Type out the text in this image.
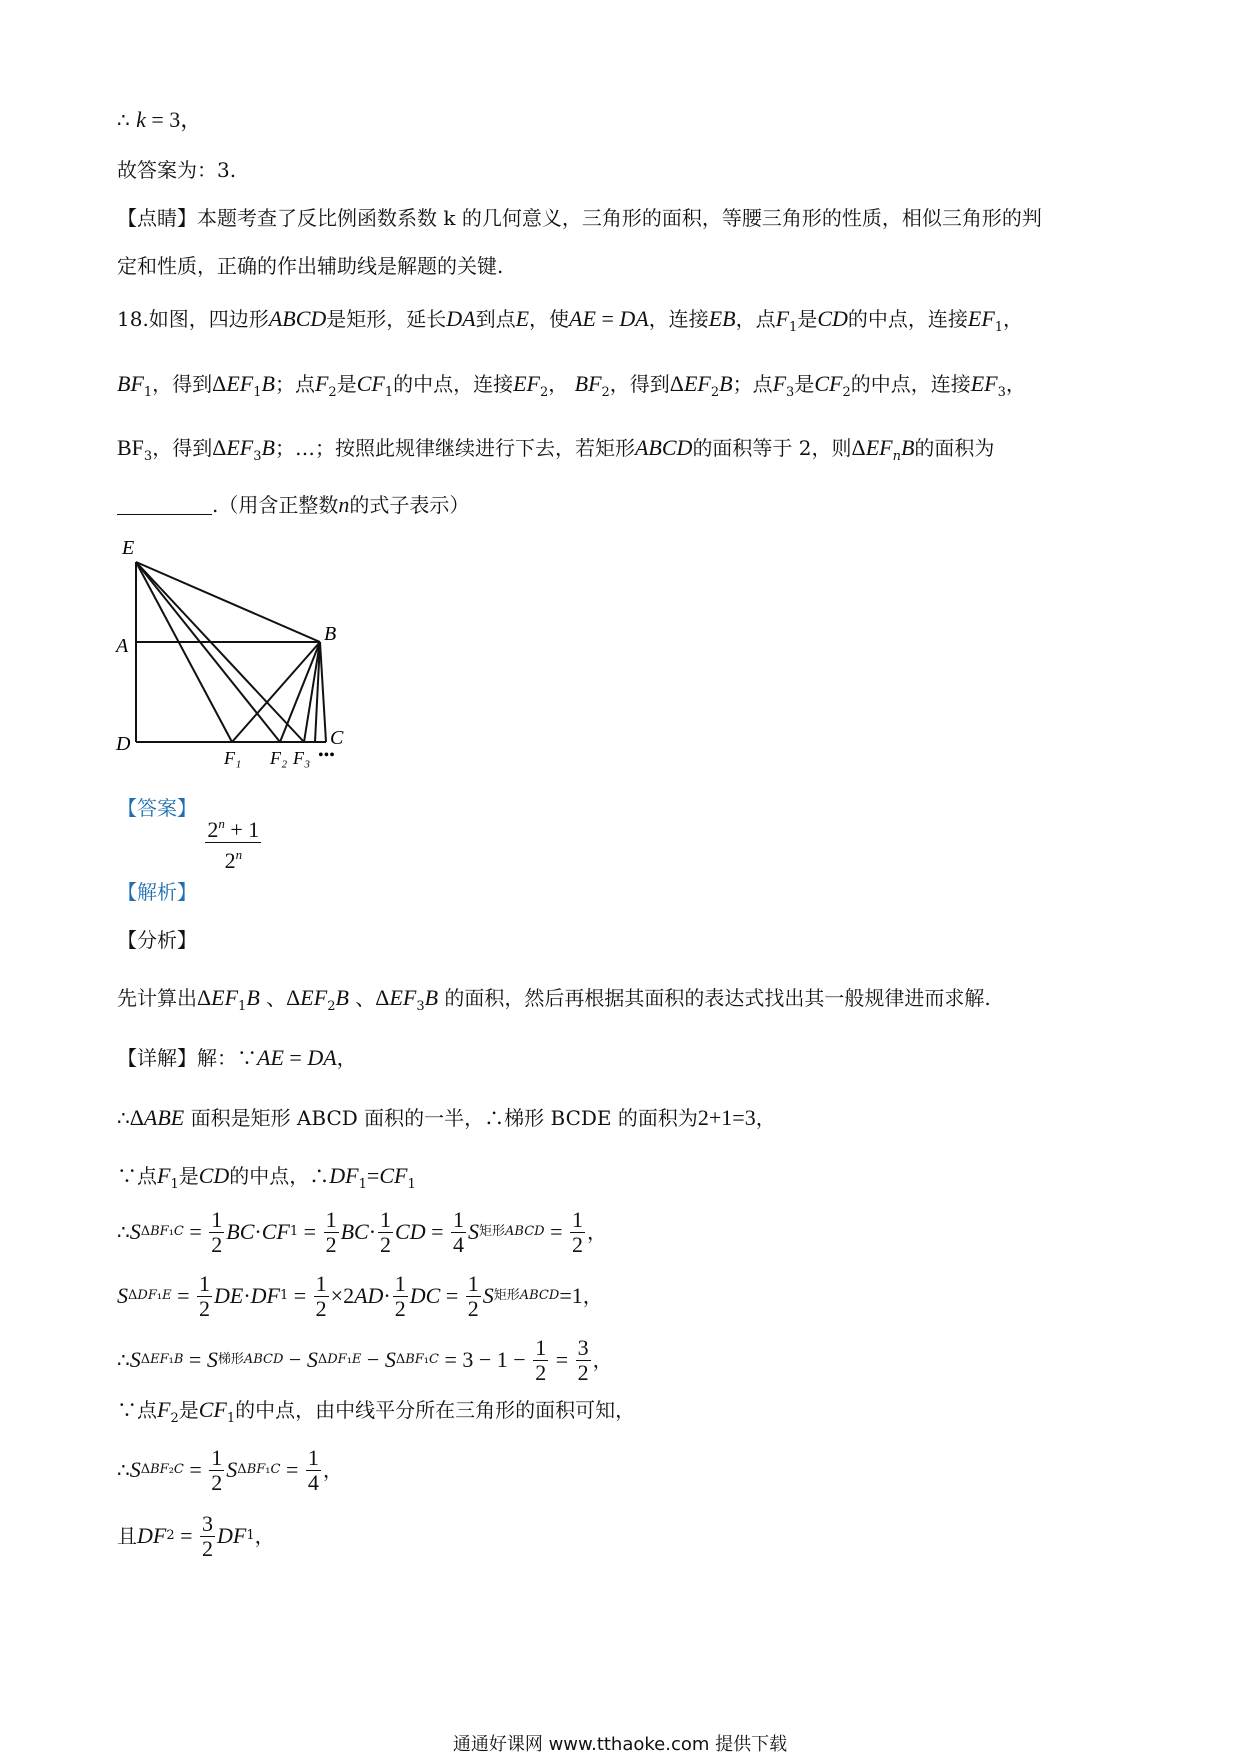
∴ k = 3，
故答案为：3.
【点睛】本题考查了反比例函数系数 k 的几何意义，三角形的面积，等腰三角形的性质，相似三角形的判
定和性质，正确的作出辅助线是解题的关键.
18.如图，四边形ABCD是矩形，延长DA到点E，使AE = DA，连接EB，点$F_1$是CD的中点，连接$EF_1$，
$BF_1$，得到$\Delta EF_1B$；点$F_2$是$CF_1$的中点，连接$EF_2$， $BF_2$，得到$\Delta EF_2B$；点$F_3$是$CF_2$的中点，连接$EF_3$，
$BF_3$，得到$\Delta EF_3B$；…；按照此规律继续进行下去，若矩形ABCD的面积等于 2，则$\Delta EF_nB$的面积为
.（用含正整数n的式子表示）
E
A
B
D	C
F₁ F₂ F₃ •••
【答案】
$\frac{2^n + 1}{2^n}$
【解析】
【分析】
先计算出$\Delta EF_1B$ 、$\Delta EF_2B$ 、$\Delta EF_3B$ 的面积，然后再根据其面积的表达式找出其一般规律进而求解.
【详解】解：∵AE = DA，
∴ΔABE 面积是矩形 ABCD 面积的一半，∴梯形 BCDE 的面积为2+1=3，
∵点$F_1$是CD的中点，$\therefore DF_1=CF_1$
∴ S $\Delta BF_1C = \frac{1}{2}$ BC · CF $1 = \frac{1}{2}$ BC · $\frac{1}{2}$ CD = $\frac{1}{4}$ S 矩形ABCD = $\frac{1}{2}$ ，
S $\Delta DF_1E = \frac{1}{2}$ DE · DF $1 = \frac{1}{2} \times 2$ AD · $\frac{1}{2}$ DC = $\frac{1}{2}$ S 矩形ABCD =1 ，
∴ S ΔEF₁B = S 梯形ABCD − S ΔDF₁E − S $\Delta BF_1C = 3 - 1 - \frac{1}{2} = \frac{3}{2}$ ，
∵点$F_2$是$CF_1$的中点，由中线平分所在三角形的面积可知，
∴ S $\Delta BF_2C = \frac{1}{2}$ S $\Delta BF_1C = \frac{1}{4}$ ，
且 DF $2 = \frac{3}{2}$ DF 1 ，
通通好课网 www.tthaoke.com 提供下载
